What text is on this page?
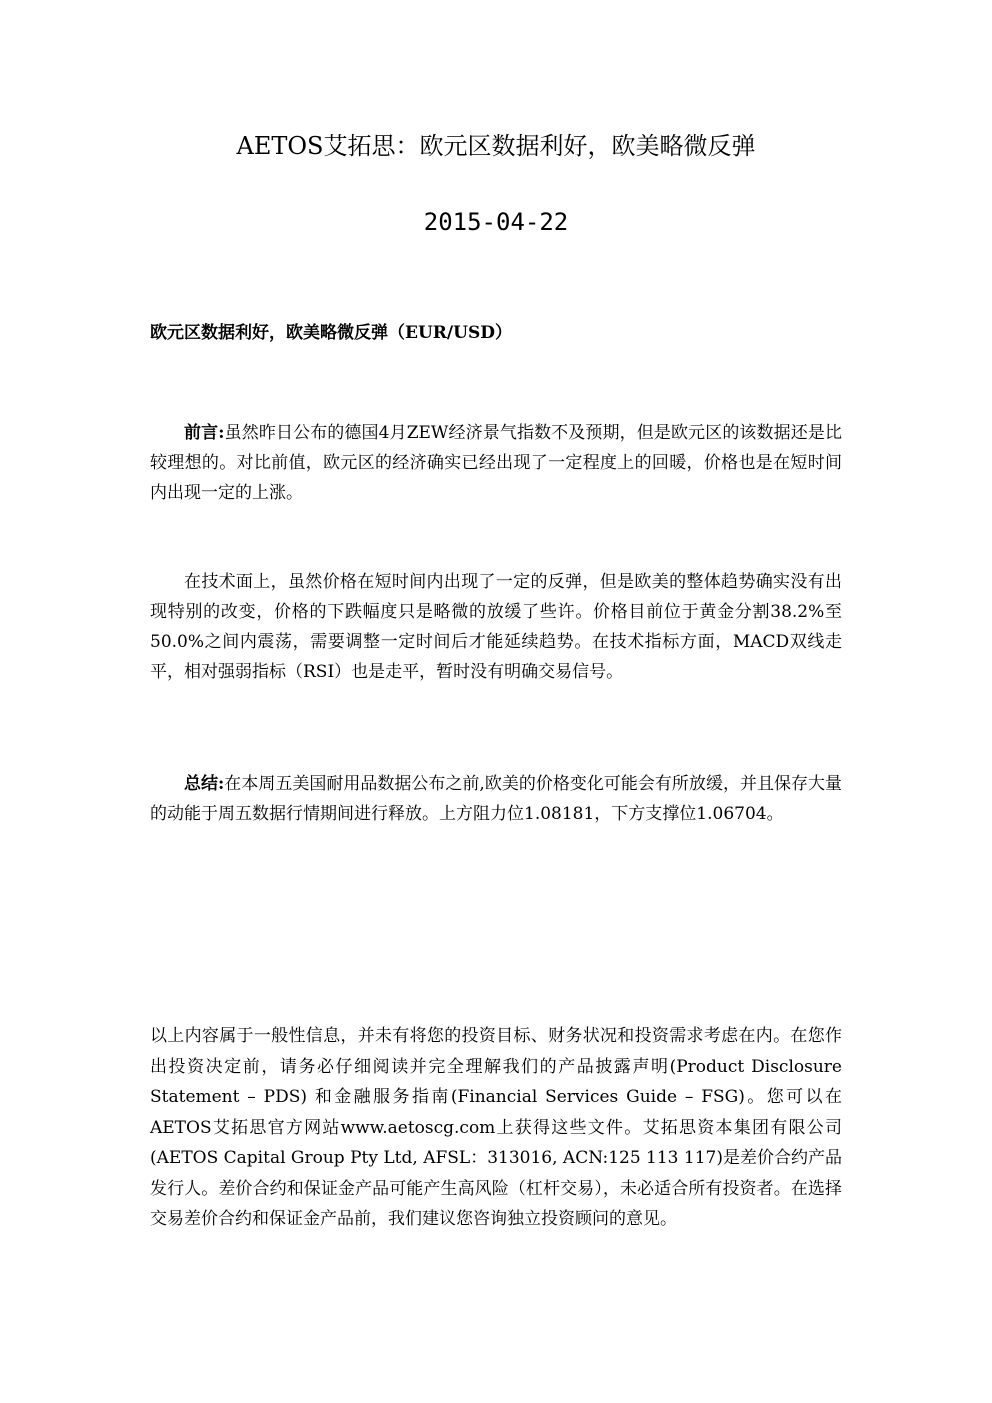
AETOS艾拓思：欧元区数据利好，欧美略微反弹
2015-04-22
欧元区数据利好，欧美略微反弹（EUR/USD）

前言:虽然昨日公布的德国4月ZEW经济景气指数不及预期，但是欧元区的该数据还是比较理想的。对比前值，欧元区的经济确实已经出现了一定程度上的回暖，价格也是在短时间内出现一定的上涨。

在技术面上，虽然价格在短时间内出现了一定的反弹，但是欧美的整体趋势确实没有出现特别的改变，价格的下跌幅度只是略微的放缓了些许。价格目前位于黄金分割38.2%至50.0%之间内震荡，需要调整一定时间后才能延续趋势。在技术指标方面，MACD双线走平，相对强弱指标（RSI）也是走平，暂时没有明确交易信号。

总结:在本周五美国耐用品数据公布之前,欧美的价格变化可能会有所放缓，并且保存大量的动能于周五数据行情期间进行释放。上方阻力位1.08181，下方支撑位1.06704。

以上内容属于一般性信息，并未有将您的投资目标、财务状况和投资需求考虑在内。在您作出投资决定前，请务必仔细阅读并完全理解我们的产品披露声明(Product Disclosure Statement – PDS) 和金融服务指南(Financial Services Guide – FSG)。您可以在AETOS艾拓思官方网站www.aetoscg.com上获得这些文件。艾拓思资本集团有限公司(AETOS Capital Group Pty Ltd, AFSL：313016, ACN:125 113 117)是差价合约产品发行人。差价合约和保证金产品可能产生高风险（杠杆交易），未必适合所有投资者。在选择交易差价合约和保证金产品前，我们建议您咨询独立投资顾问的意见。
